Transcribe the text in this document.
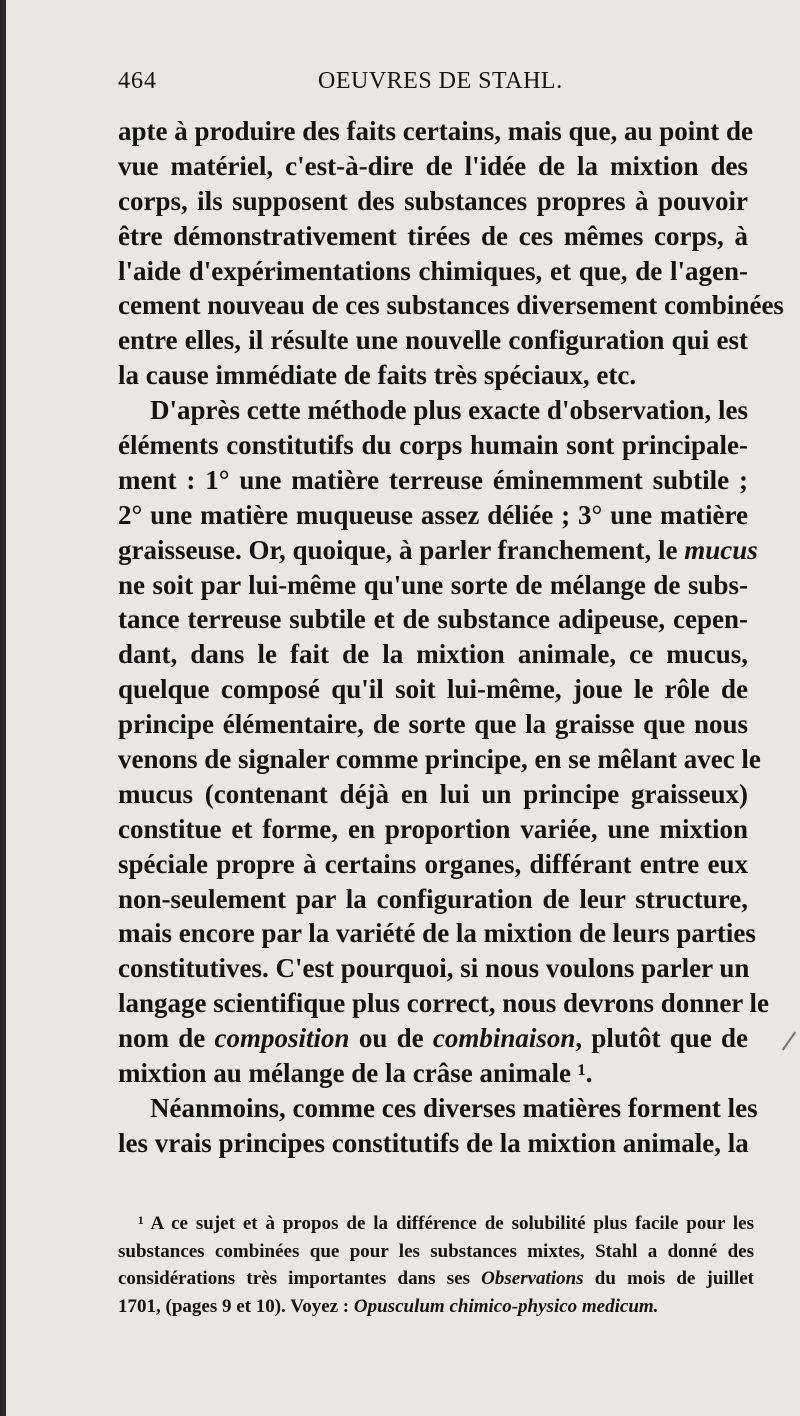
464	OEUVRES DE STAHL.
apte à produire des faits certains, mais que, au point de
vue matériel, c'est-à-dire de l'idée de la mixtion des
corps, ils supposent des substances propres à pouvoir
être démonstrativement tirées de ces mêmes corps, à
l'aide d'expérimentations chimiques, et que, de l'agen-
cement nouveau de ces substances diversement combinées
entre elles, il résulte une nouvelle configuration qui est
la cause immédiate de faits très spéciaux, etc.
D'après cette méthode plus exacte d'observation, les
éléments constitutifs du corps humain sont principale-
ment : 1° une matière terreuse éminemment subtile ;
2° une matière muqueuse assez déliée ; 3° une matière
graisseuse. Or, quoique, à parler franchement, le mucus
ne soit par lui-même qu'une sorte de mélange de subs-
tance terreuse subtile et de substance adipeuse, cepen-
dant, dans le fait de la mixtion animale, ce mucus,
quelque composé qu'il soit lui-même, joue le rôle de
principe élémentaire, de sorte que la graisse que nous
venons de signaler comme principe, en se mêlant avec le
mucus (contenant déjà en lui un principe graisseux)
constitue et forme, en proportion variée, une mixtion
spéciale propre à certains organes, différant entre eux
non-seulement par la configuration de leur structure,
mais encore par la variété de la mixtion de leurs parties
constitutives. C'est pourquoi, si nous voulons parler un
langage scientifique plus correct, nous devrons donner le
nom de composition ou de combinaison, plutôt que de
mixtion au mélange de la crâse animale ¹.
Néanmoins, comme ces diverses matières forment les
les vrais principes constitutifs de la mixtion animale, la
¹ A ce sujet et à propos de la différence de solubilité plus facile pour les
substances combinées que pour les substances mixtes, Stahl a donné des
considérations très importantes dans ses Observations du mois de juillet
1701, (pages 9 et 10). Voyez : Opusculum chimico-physico medicum.
